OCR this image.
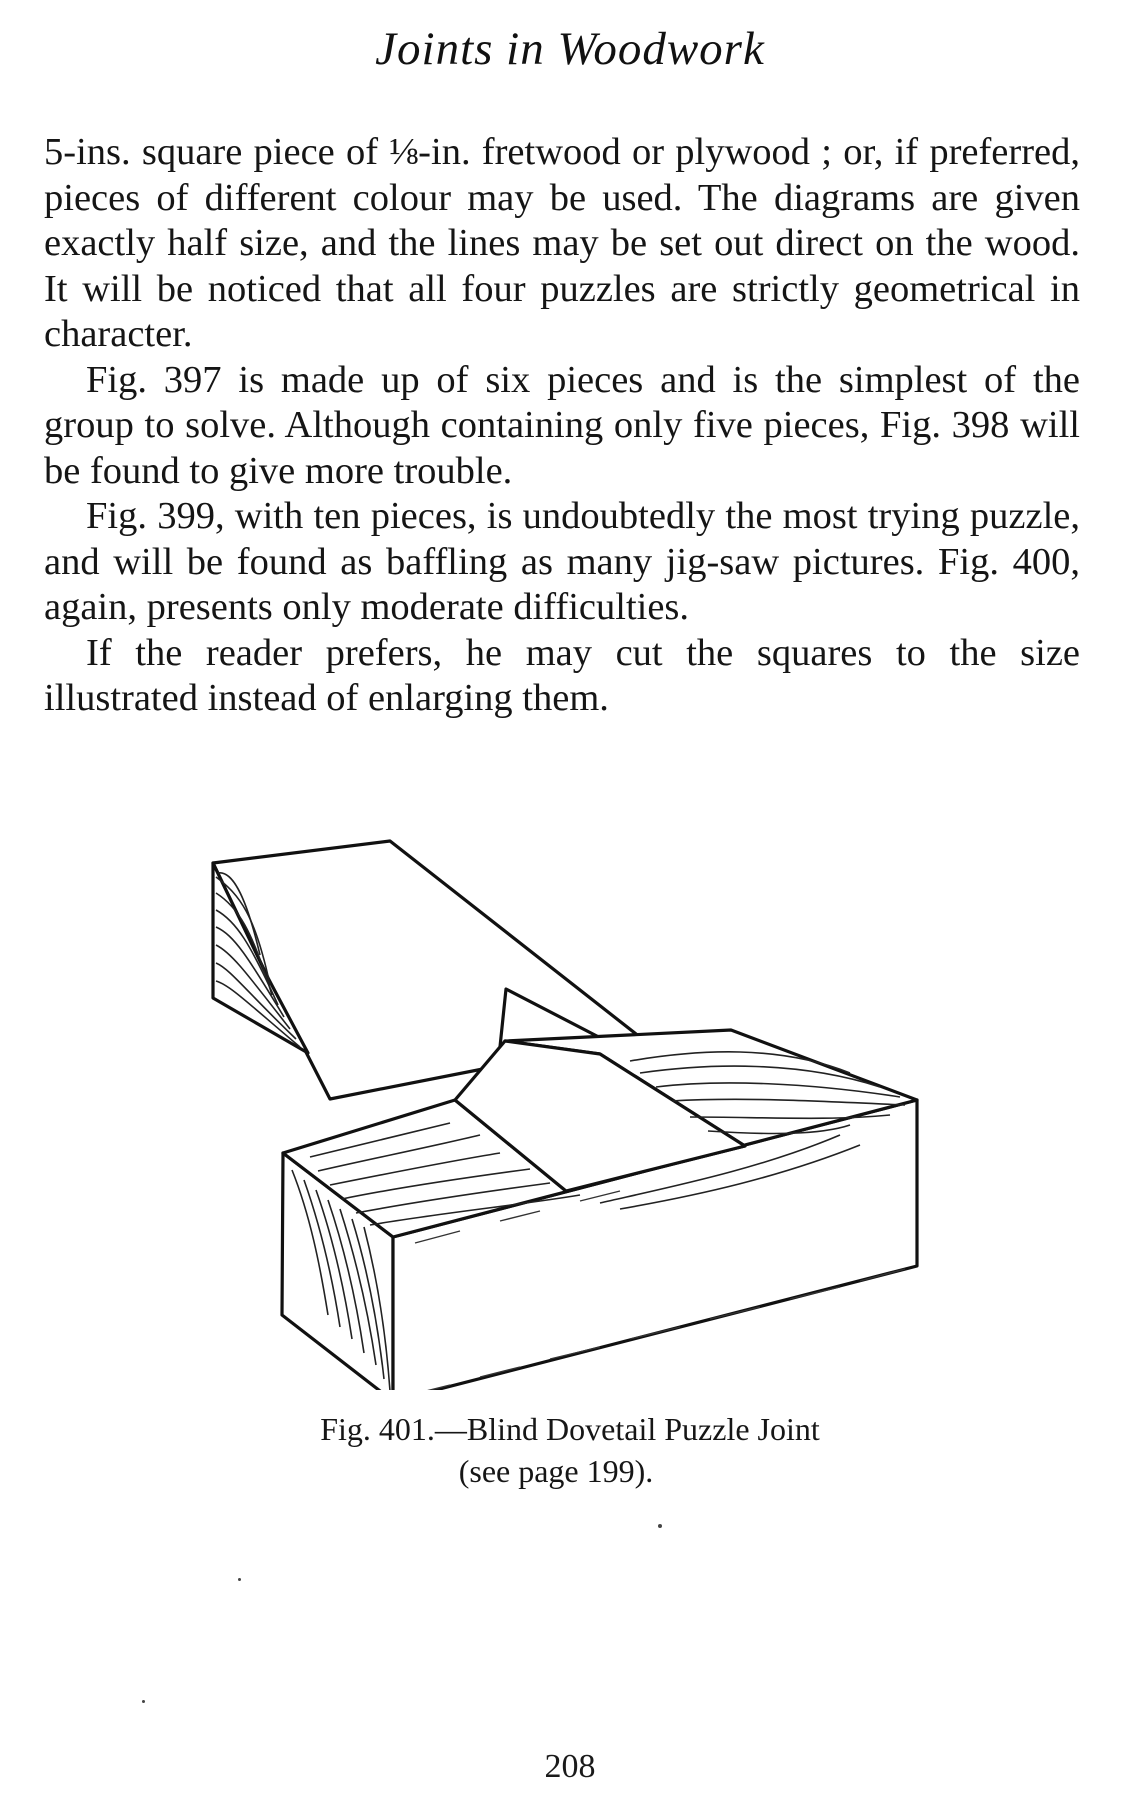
Joints in Woodwork

5-ins. square piece of ⅛-in. fretwood or plywood ; or, if preferred, pieces of different colour may be used. The diagrams are given exactly half size, and the lines may be set out direct on the wood. It will be noticed that all four puzzles are strictly geometrical in character.

Fig. 397 is made up of six pieces and is the simplest of the group to solve. Although containing only five pieces, Fig. 398 will be found to give more trouble.

Fig. 399, with ten pieces, is undoubtedly the most trying puzzle, and will be found as baffling as many jig-saw pictures. Fig. 400, again, presents only moderate difficulties.

If the reader prefers, he may cut the squares to the size illustrated instead of enlarging them.

Fig. 401.—Blind Dovetail Puzzle Joint
(see page 199).
208
